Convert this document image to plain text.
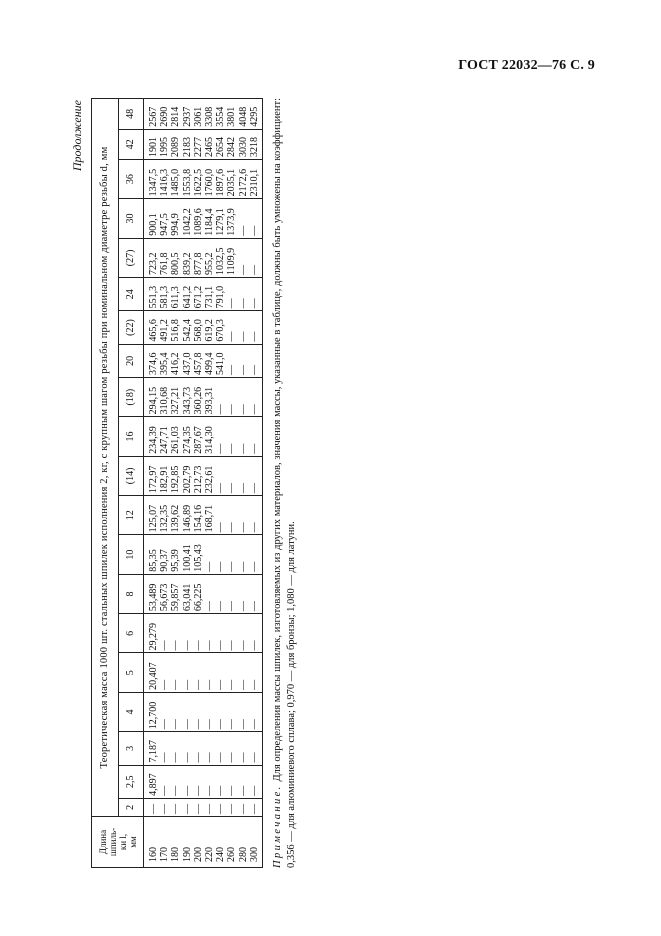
ГОСТ 22032—76 С. 9
Продолжение
Длина
шпиль-
ки l,
мм	Теоретическая масса 1000 шт. стальных шпилек исполнения 2, кг, с крупным шагом резьбы при номинальном диаметре резьбы d, мм																			
	2	2,5	3	4	5	6	8	10	12	(14)	16	(18)	20	(22)	24	(27)	30	36	42	48
160	—	4,897	7,187	12,700	20,407	29,279	53,489	85,35	125,07	172,97	234,39	294,15	374,6	465,6	551,3	723,2	900,1	1347,5	1901	2567
170	—	—	—	—	—	—	56,673	90,37	132,35	182,91	247,71	310,68	395,4	491,2	581,3	761,8	947,5	1416,3	1995	2690
180	—	—	—	—	—	—	59,857	95,39	139,62	192,85	261,03	327,21	416,2	516,8	611,3	800,5	994,9	1485,0	2089	2814
190	—	—	—	—	—	—	63,041	100,41	146,89	202,79	274,35	343,73	437,0	542,4	641,2	839,2	1042,2	1553,8	2183	2937
200	—	—	—	—	—	—	66,225	105,43	154,16	212,73	287,67	360,26	457,8	568,0	671,2	877,8	1089,6	1622,5	2277	3061
220	—	—	—	—	—	—	—	—	168,71	232,61	314,30	393,31	499,4	619,2	731,1	955,2	1184,4	1760,0	2465	3308
240	—	—	—	—	—	—	—	—	—	—	—	—	541,0	670,3	791,0	1032,5	1279,1	1897,6	2654	3554
260	—	—	—	—	—	—	—	—	—	—	—	—	—	—	—	1109,9	1373,9	2035,1	2842	3801
280	—	—	—	—	—	—	—	—	—	—	—	—	—	—	—	—	—	2172,6	3030	4048
300	—	—	—	—	—	—	—	—	—	—	—	—	—	—	—	—	—	2310,1	3218	4295

Примечание. Для определения массы шпилек, изготовляемых из других материалов, значения массы, указанные в таблице, должны быть умножены на коэффициент: 0,356 — для алюминиевого сплава; 0,970 — для бронзы; 1,080 — для латуни.
